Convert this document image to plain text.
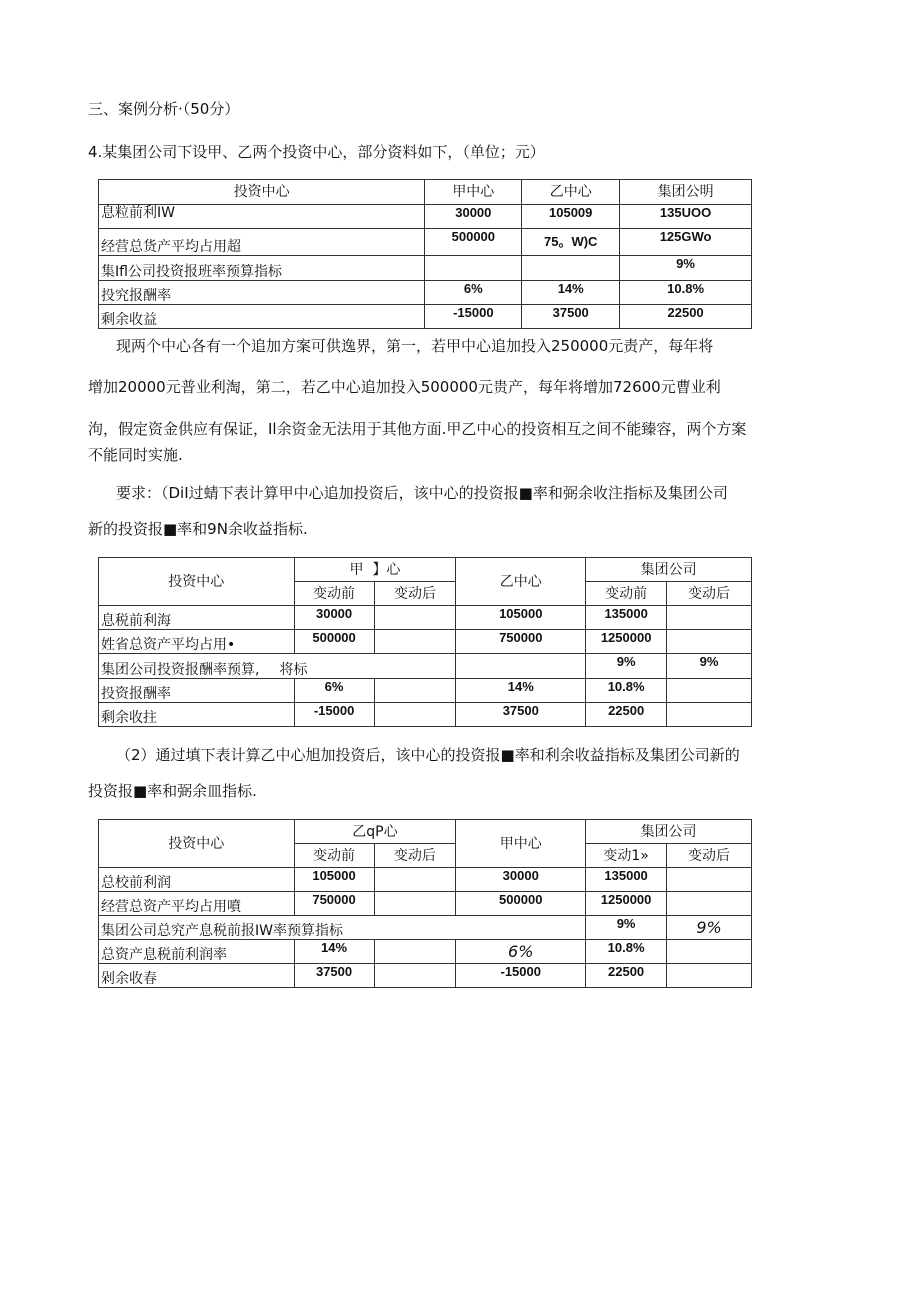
三、案例分析·（50分）
4.某集团公司下设甲、乙两个投资中心，部分资料如下，（单位；元）
投资中心	甲中心	乙中心	集团公明
息粒前利IW	30000	105009	135UOO
经营总货产平均占用超	500000	75。W)C	125GWo
集Ifl公司投资报班率预算指标			9%
投究报酬率	6%	14%	10.8%
剩余收益	-15000	37500	22500
现两个中心各有一个追加方案可供逸界，第一，若甲中心追加投入250000元责产，每年将
增加20000元普业利淘，第二，若乙中心追加投入500000元贵产，每年将增加72600元曹业利
泃，假定资金供应有保证，Il余资金无法用于其他方面.甲乙中心的投资相互之间不能臻容，两个方案
不能同时实施.
要求：（DiI过蜻下表计算甲中心追加投资后，该中心的投资报■率和弼余收注指标及集团公司
新的投资报■率和9N余收益指标.
投资中心	甲 】心		乙中心	集团公司	
	变动前	变动后		变动前	变动后
息税前利海	30000		105000	135000	
姓省总资产平均占用•	500000		750000	1250000	
集团公司投资报酬率预算, 将标				9%	9%
投资报酬率	6%		14%	10.8%	
剩余收拄	-15000		37500	22500	
（2）通过填下表计算乙中心旭加投资后，该中心的投资报■率和利余收益指标及集团公司新的
投资报■率和弼余皿指标.
投资中心	乙qP心		甲中心	集团公司	
	变动前	变动后		变动1»	变动后
总校前利润	105000		30000	135000	
经营总资产平均占用噴	750000		500000	1250000	
集团公司总究产息税前报IW率预算指标				9%	9%
总资产息税前利润率	14%		6%	10.8%	
剁余收春	37500		-15000	22500	
